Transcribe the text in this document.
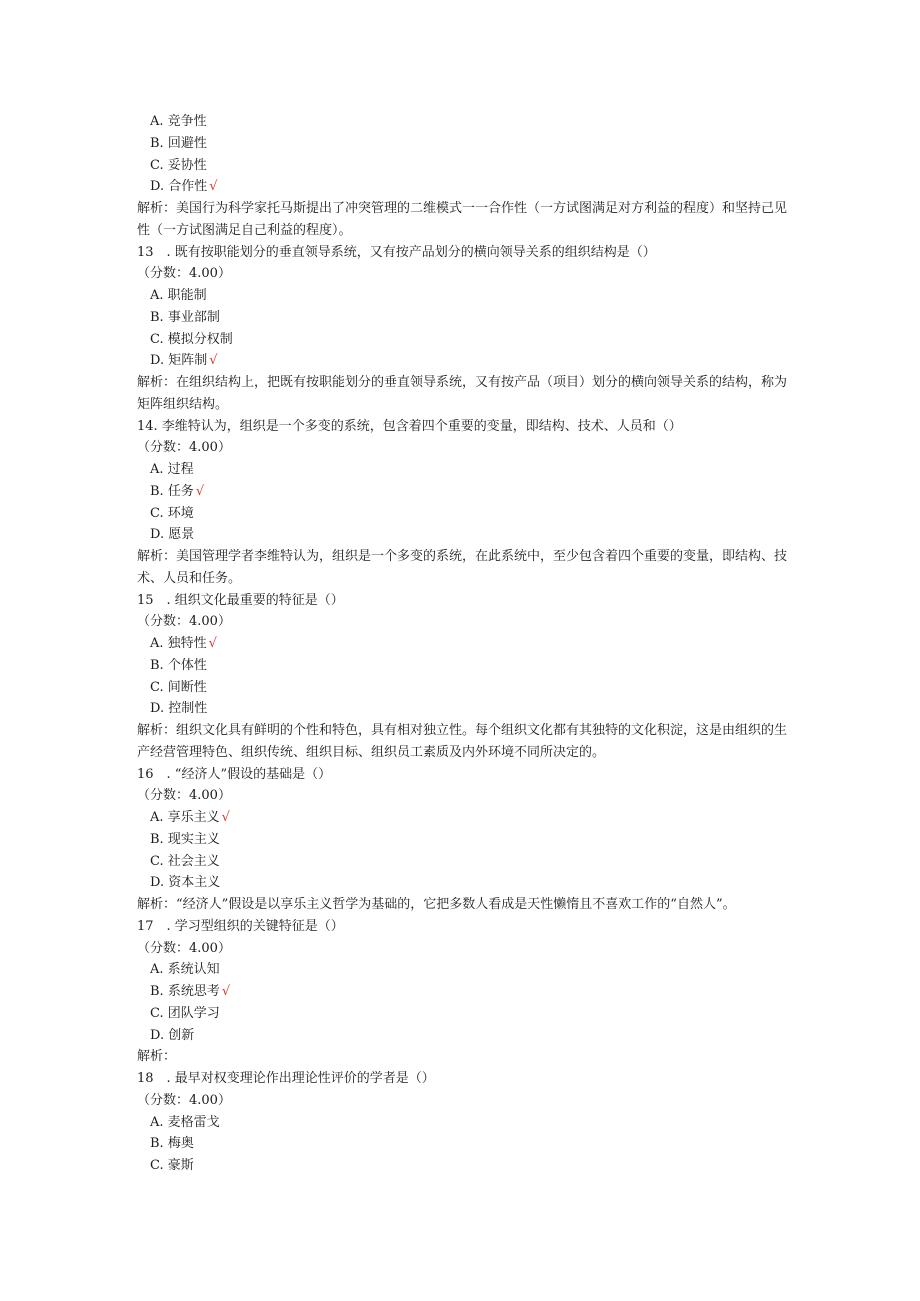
A. 竞争性
B. 回避性
C. 妥协性
D. 合作性 √
解析：美国行为科学家托马斯提出了冲突管理的二维模式一一合作性（一方试图满足对方利益的程度）和坚持己见性（一方试图满足自己利益的程度）。
13　. 既有按职能划分的垂直领导系统，又有按产品划分的横向领导关系的组织结构是（）
（分数：4.00）
A. 职能制
B. 事业部制
C. 模拟分权制
D. 矩阵制 √
解析：在组织结构上，把既有按职能划分的垂直领导系统，又有按产品（项目）划分的横向领导关系的结构，称为矩阵组织结构。
14. 李维特认为，组织是一个多变的系统，包含着四个重要的变量，即结构、技术、人员和（）
（分数：4.00）
A. 过程
B. 任务 √
C. 环境
D. 愿景
解析：美国管理学者李维特认为，组织是一个多变的系统，在此系统中，至少包含着四个重要的变量，即结构、技术、人员和任务。
15　. 组织文化最重要的特征是（）
（分数：4.00）
A. 独特性 √
B. 个体性
C. 间断性
D. 控制性
解析：组织文化具有鲜明的个性和特色，具有相对独立性。每个组织文化都有其独特的文化积淀，这是由组织的生产经营管理特色、组织传统、组织目标、组织员工素质及内外环境不同所决定的。
16　. “经济人”假设的基础是（）
（分数：4.00）
A. 享乐主义 √
B. 现实主义
C. 社会主义
D. 资本主义
解析：“经济人”假设是以享乐主义哲学为基础的，它把多数人看成是天性懒惰且不喜欢工作的“自然人”。
17　. 学习型组织的关键特征是（）
（分数：4.00）
A. 系统认知
B. 系统思考 √
C. 团队学习
D. 创新
解析：
18　. 最早对权变理论作出理论性评价的学者是（）
（分数：4.00）
A. 麦格雷戈
B. 梅奥
C. 豪斯
